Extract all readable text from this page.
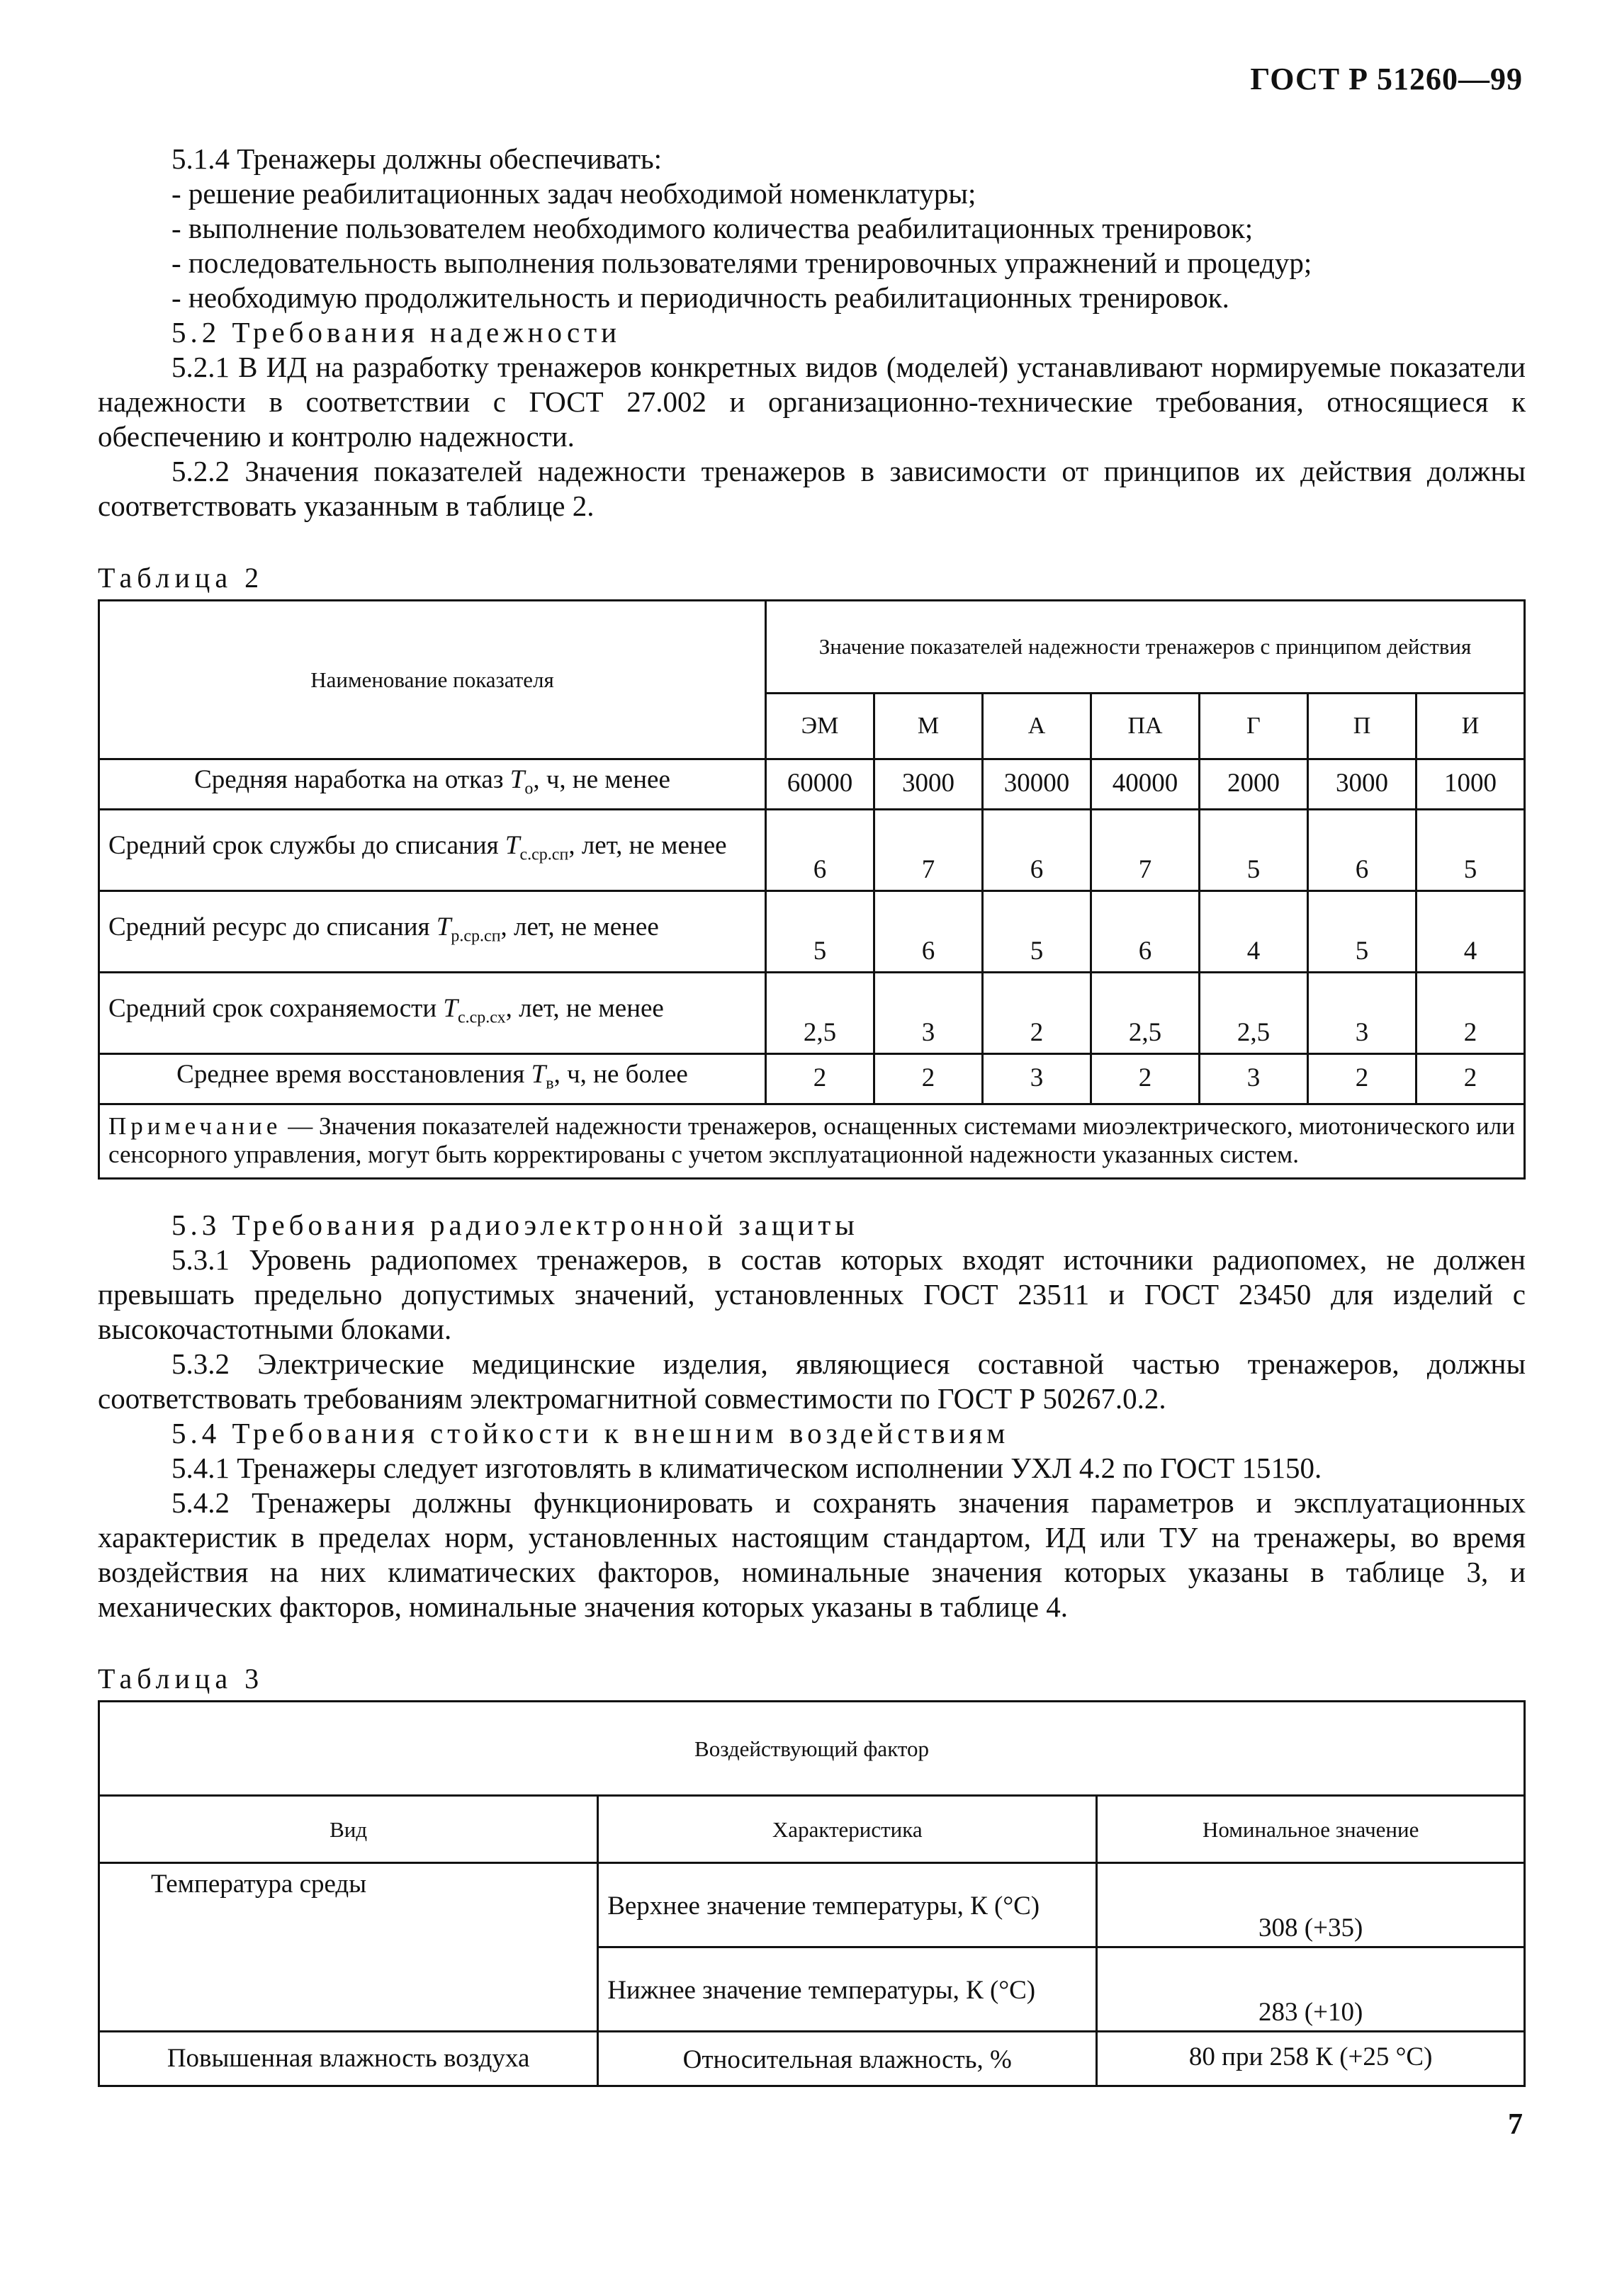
ГОСТ Р 51260—99

5.1.4 Тренажеры должны обеспечивать:

- решение реабилитационных задач необходимой номенклатуры;

- выполнение пользователем необходимого количества реабилитационных тренировок;

- последовательность выполнения пользователями тренировочных упражнений и процедур;

- необходимую продолжительность и периодичность реабилитационных тренировок.

5.2 Требования надежности

5.2.1 В ИД на разработку тренажеров конкретных видов (моделей) устанавливают нормируемые показатели надежности в соответствии с ГОСТ 27.002 и организационно-технические требования, относящиеся к обеспечению и контролю надежности.

5.2.2 Значения показателей надежности тренажеров в зависимости от принципов их действия должны соответствовать указанным в таблице 2.

Таблица 2
Наименование показателя	Значение показателей надежности тренажеров с принципом действия						
	ЭМ	М	А	ПА	Г	П	И
Средняя наработка на отказ $T_о$, ч, не менее	60000	3000	30000	40000	2000	3000	1000
Средний срок службы до списания $T_{с.ср.сп}$, лет, не менее	6	7	6	7	5	6	5
Средний ресурс до списания $T_{р.ср.сп}$, лет, не менее	5	6	5	6	4	5	4
Средний срок сохраняемости $T_{с.ср.сх}$, лет, не менее	2,5	3	2	2,5	2,5	3	2
Среднее время восстановления $T_в$, ч, не более	2	2	3	2	3	2	2
Примечание — Значения показателей надежности тренажеров, оснащенных системами миоэлектрического, миотонического или сенсорного управления, могут быть корректированы с учетом эксплуатационной надежности указанных систем.							

5.3 Требования радиоэлектронной защиты

5.3.1 Уровень радиопомех тренажеров, в состав которых входят источники радиопомех, не должен превышать предельно допустимых значений, установленных ГОСТ 23511 и ГОСТ 23450 для изделий с высокочастотными блоками.

5.3.2 Электрические медицинские изделия, являющиеся составной частью тренажеров, должны соответствовать требованиям электромагнитной совместимости по ГОСТ Р 50267.0.2.

5.4 Требования стойкости к внешним воздействиям

5.4.1 Тренажеры следует изготовлять в климатическом исполнении УХЛ 4.2 по ГОСТ 15150.

5.4.2 Тренажеры должны функционировать и сохранять значения параметров и эксплуатационных характеристик в пределах норм, установленных настоящим стандартом, ИД или ТУ на тренажеры, во время воздействия на них климатических факторов, номинальные значения которых указаны в таблице 3, и механических факторов, номинальные значения которых указаны в таблице 4.

Таблица 3
Воздействующий фактор		
Вид	Характеристика	Номинальное значение
Температура среды	Верхнее значение температуры, К (°С)	308 (+35)
	Нижнее значение температуры, К (°С)	283 (+10)
Повышенная влажность воздуха	Относительная влажность, %	80 при 258 К (+25 °С)
7
